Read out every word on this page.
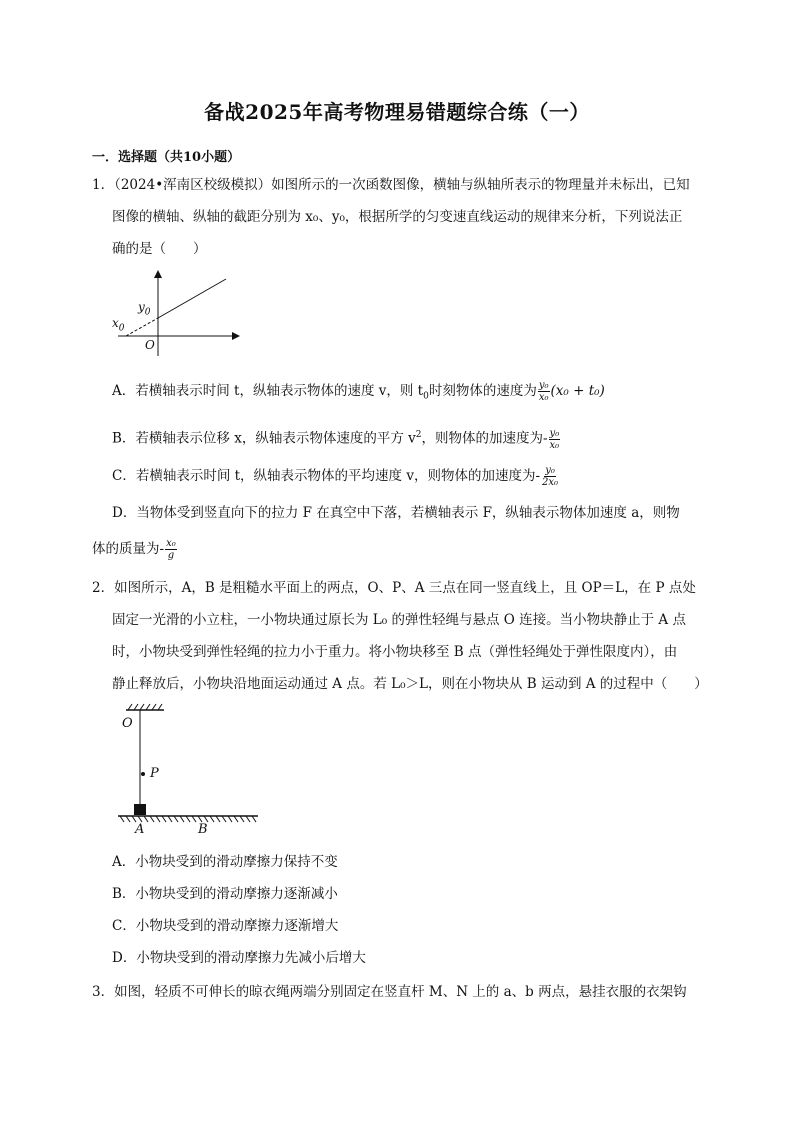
备战2025年高考物理易错题综合练（一）
一．选择题（共10小题）
1．（2024•浑南区校级模拟）如图所示的一次函数图像，横轴与纵轴所表示的物理量并未标出，已知
图像的横轴、纵轴的截距分别为 x₀、y₀，根据所学的匀变速直线运动的规律来分析，下列说法正
确的是（　　）
$y_0$
$x_0$
O
A．若横轴表示时间 t，纵轴表示物体的速度 v，则 $t_0$时刻物体的速度为 $\frac{\text{y₀}}{\text{x₀}} (x_0 + t_0)$
B．若横轴表示位移 x，纵轴表示物体速度的平方 $v^2$，则物体的加速度为- $\frac{\text{y₀}}{\text{x₀}}$
C．若横轴表示时间 t，纵轴表示物体的平均速度 v，则物体的加速度为- $\frac{\text{y₀}}{\text{2x₀}}$
D．当物体受到竖直向下的拉力 F 在真空中下落，若横轴表示 F，纵轴表示物体加速度 a，则物
体的质量为- $\frac{\text{x₀}}{g}$
2．如图所示，A，B 是粗糙水平面上的两点，O、P、A 三点在同一竖直线上，且 OP＝L，在 P 点处
固定一光滑的小立柱，一小物块通过原长为 L₀ 的弹性轻绳与悬点 O 连接。当小物块静止于 A 点
时，小物块受到弹性轻绳的拉力小于重力。将小物块移至 B 点（弹性轻绳处于弹性限度内），由
静止释放后，小物块沿地面运动通过 A 点。若 L₀＞L，则在小物块从 B 运动到 A 的过程中（　　）
O
P
A	B
A．小物块受到的滑动摩擦力保持不变
B．小物块受到的滑动摩擦力逐渐减小
C．小物块受到的滑动摩擦力逐渐增大
D．小物块受到的滑动摩擦力先减小后增大
3．如图，轻质不可伸长的晾衣绳两端分别固定在竖直杆 M、N 上的 a、b 两点，悬挂衣服的衣架钩
